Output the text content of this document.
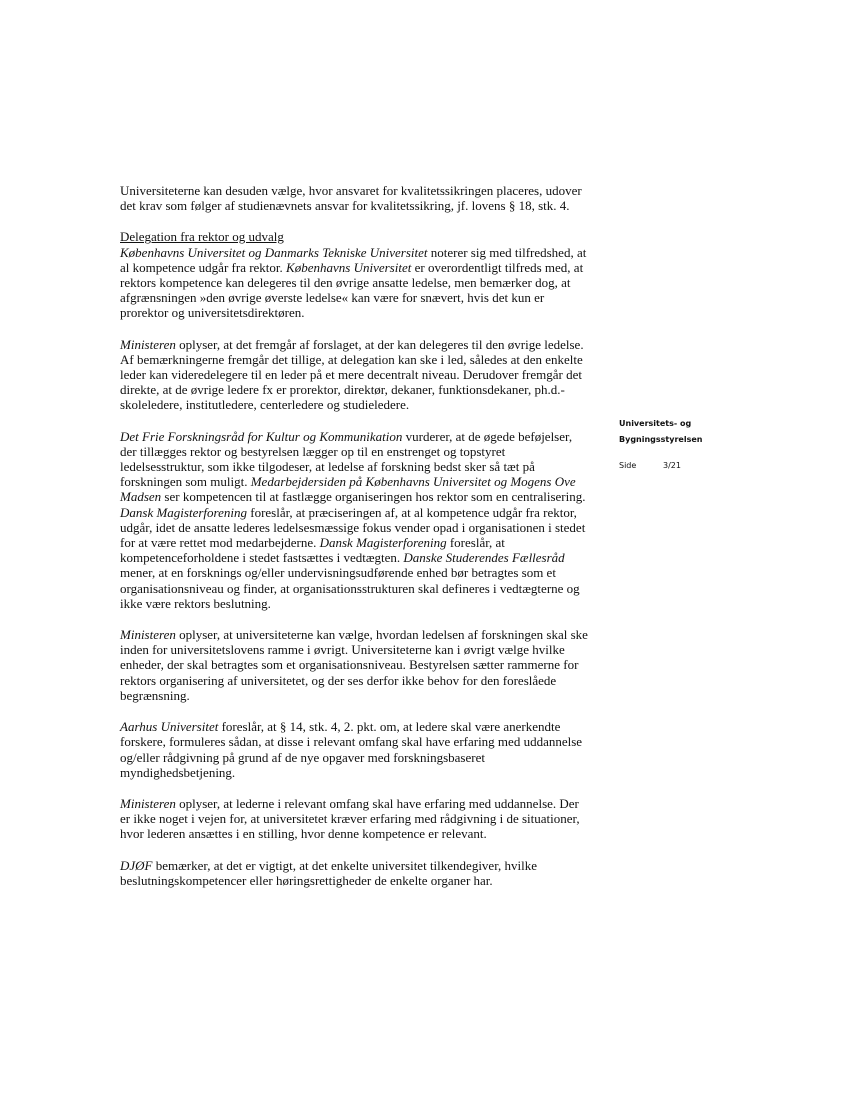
Universiteterne kan desuden vælge, hvor ansvaret for kvalitetssikringen placeres, udover det krav som følger af studienævnets ansvar for kvalitetssikring, jf. lovens § 18, stk. 4.

Delegation fra rektor og udvalg
Københavns Universitet og Danmarks Tekniske Universitet noterer sig med tilfredshed, at al kompetence udgår fra rektor. Københavns Universitet er overordentligt tilfreds med, at rektors kompetence kan delegeres til den øvrige ansatte ledelse, men bemærker dog, at afgrænsningen »den øvrige øverste ledelse« kan være for snævert, hvis det kun er prorektor og universitetsdirektøren.

Ministeren oplyser, at det fremgår af forslaget, at der kan delegeres til den øvrige ledelse. Af bemærkningerne fremgår det tillige, at delegation kan ske i led, således at den enkelte leder kan videredelegere til en leder på et mere decentralt niveau. Derudover fremgår det direkte, at de øvrige ledere fx er prorektor, direktør, dekaner, funktionsdekaner, ph.d.-skoleledere, institutledere, centerledere og studieledere.

Det Frie Forskningsråd for Kultur og Kommunikation vurderer, at de øgede beføjelser, der tillægges rektor og bestyrelsen lægger op til en enstrenget og topstyret ledelsesstruktur, som ikke tilgodeser, at ledelse af forskning bedst sker så tæt på forskningen som muligt. Medarbejdersiden på Københavns Universitet og Mogens Ove Madsen ser kompetencen til at fastlægge organiseringen hos rektor som en centralisering. Dansk Magisterforening foreslår, at præciseringen af, at al kompetence udgår fra rektor, udgår, idet de ansatte lederes ledelsesmæssige fokus vender opad i organisationen i stedet for at være rettet mod medarbejderne. Dansk Magisterforening foreslår, at kompetenceforholdene i stedet fastsættes i vedtægten. Danske Studerendes Fællesråd mener, at en forsknings og/eller undervisningsudførende enhed bør betragtes som et organisationsniveau og finder, at organisationsstrukturen skal defineres i vedtægterne og ikke være rektors beslutning.

Ministeren oplyser, at universiteterne kan vælge, hvordan ledelsen af forskningen skal ske inden for universitetslovens ramme i øvrigt. Universiteterne kan i øvrigt vælge hvilke enheder, der skal betragtes som et organisationsniveau. Bestyrelsen sætter rammerne for rektors organisering af universitetet, og der ses derfor ikke behov for den foreslåede begrænsning.

Aarhus Universitet foreslår, at § 14, stk. 4, 2. pkt. om, at ledere skal være anerkendte forskere, formuleres sådan, at disse i relevant omfang skal have erfaring med uddannelse og/eller rådgivning på grund af de nye opgaver med forskningsbaseret myndighedsbetjening.

Ministeren oplyser, at lederne i relevant omfang skal have erfaring med uddannelse. Der er ikke noget i vejen for, at universitetet kræver erfaring med rådgivning i de situationer, hvor lederen ansættes i en stilling, hvor denne kompetence er relevant.

DJØF bemærker, at det er vigtigt, at det enkelte universitet tilkendegiver, hvilke beslutningskompetencer eller høringsrettigheder de enkelte organer har.

Universitets- og
Bygningsstyrelsen
Side	3/21
